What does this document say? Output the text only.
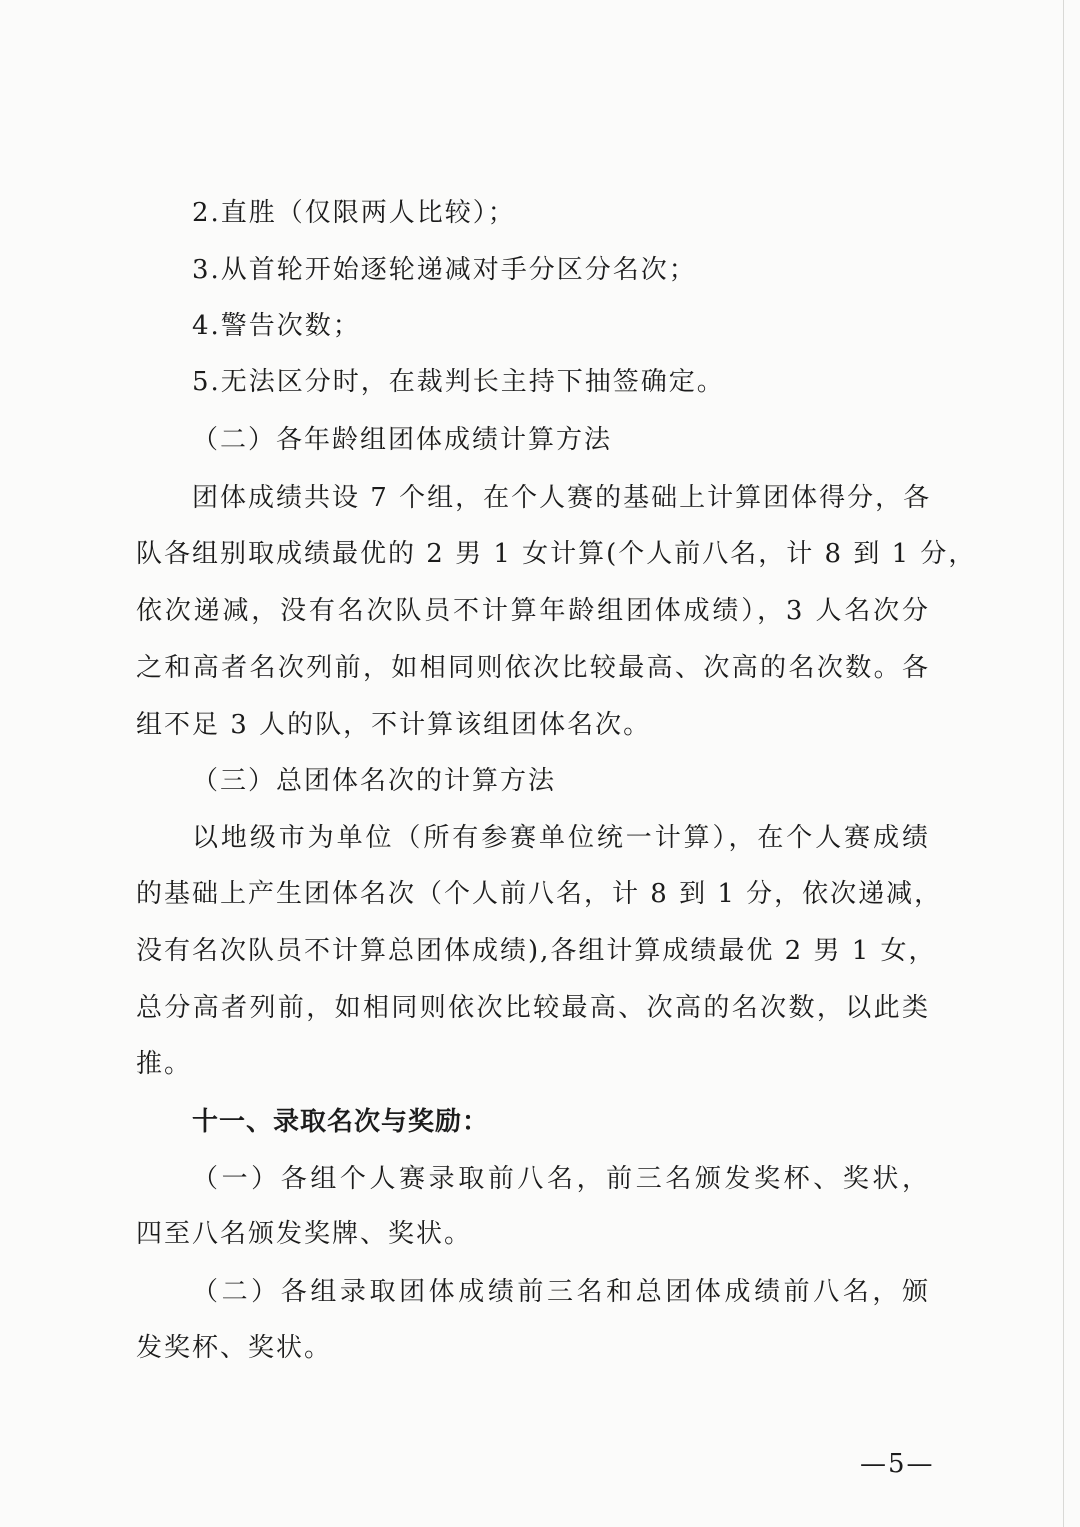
2.直胜（仅限两人比较）；
3.从首轮开始逐轮递减对手分区分名次；
4.警告次数；
5.无法区分时，在裁判长主持下抽签确定。
（二）各年龄组团体成绩计算方法
团体成绩共设 7 个组，在个人赛的基础上计算团体得分，各
队各组别取成绩最优的 2 男 1 女计算(个人前八名，计 8 到 1 分，
依次递减，没有名次队员不计算年龄组团体成绩），3 人名次分
之和高者名次列前，如相同则依次比较最高、次高的名次数。各
组不足 3 人的队，不计算该组团体名次。
（三）总团体名次的计算方法
以地级市为单位（所有参赛单位统一计算），在个人赛成绩
的基础上产生团体名次（个人前八名，计 8 到 1 分，依次递减，
没有名次队员不计算总团体成绩),各组计算成绩最优 2 男 1 女，
总分高者列前，如相同则依次比较最高、次高的名次数，以此类
推。
十一、录取名次与奖励：
（一）各组个人赛录取前八名，前三名颁发奖杯、奖状，
四至八名颁发奖牌、奖状。
（二）各组录取团体成绩前三名和总团体成绩前八名，颁
发奖杯、奖状。
—5—
